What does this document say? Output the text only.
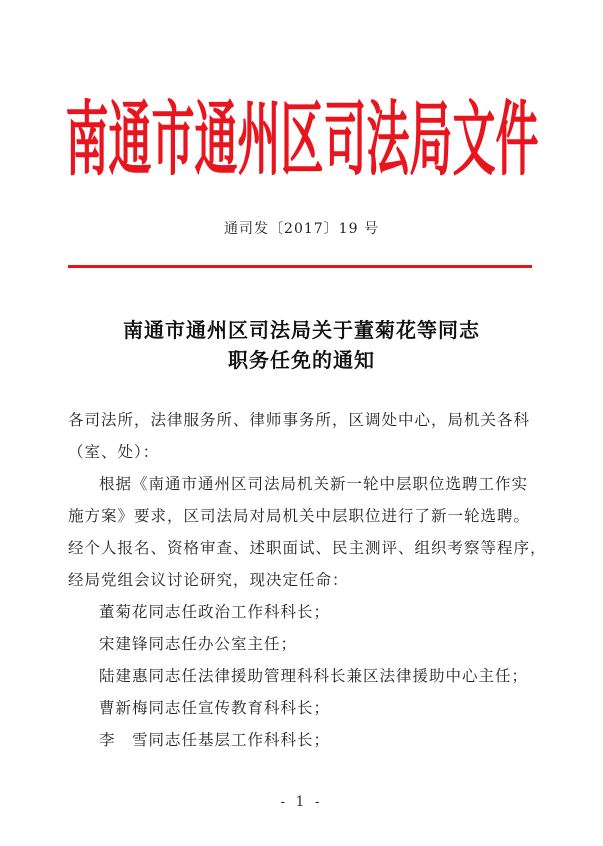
南通市通州区司法局文件
通司发〔2017〕19 号
南通市通州区司法局关于董菊花等同志
职务任免的通知
各司法所，法律服务所、律师事务所，区调处中心，局机关各科
（室、处）：
根据《南通市通州区司法局机关新一轮中层职位选聘工作实
施方案》要求，区司法局对局机关中层职位进行了新一轮选聘。
经个人报名、资格审查、述职面试、民主测评、组织考察等程序，
经局党组会议讨论研究，现决定任命：
董菊花同志任政治工作科科长；
宋建锋同志任办公室主任；
陆建惠同志任法律援助管理科科长兼区法律援助中心主任；
曹新梅同志任宣传教育科科长；
李　雪同志任基层工作科科长；
- 1 -
